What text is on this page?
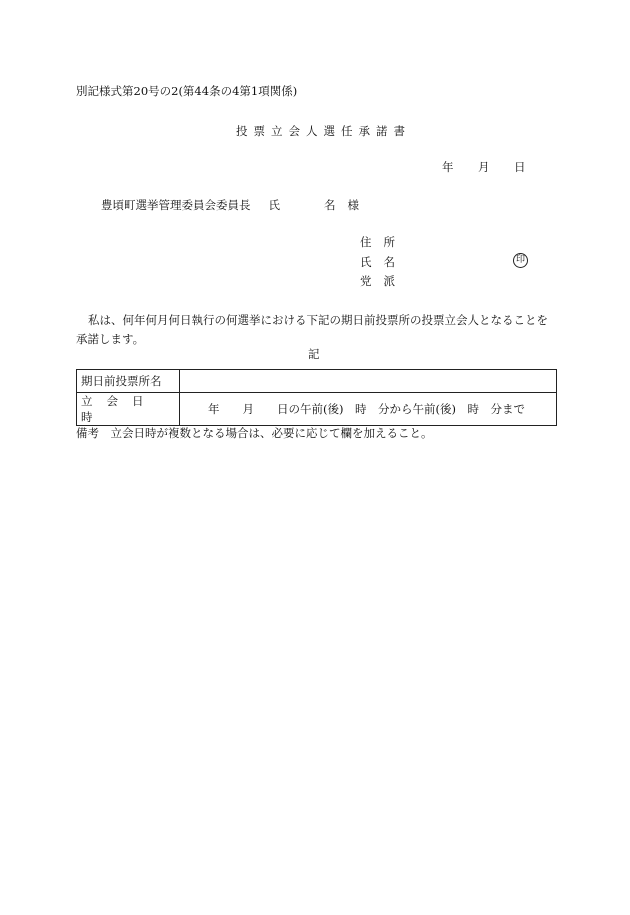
別記様式第20号の2(第44条の4第1項関係)
投票立会人選任承諾書
年 月 日
豊頃町選挙管理委員会委員長 氏	名 様
住所
氏名
党派
印
私は、何年何月何日執行の何選挙における下記の期日前投票所の投票立会人となることを承諾します。
記
期日前投票所名	
立会日時	年　　月　　日の午前(後)　時　分から午前(後)　時　分まで
備考　立会日時が複数となる場合は、必要に応じて欄を加えること。
